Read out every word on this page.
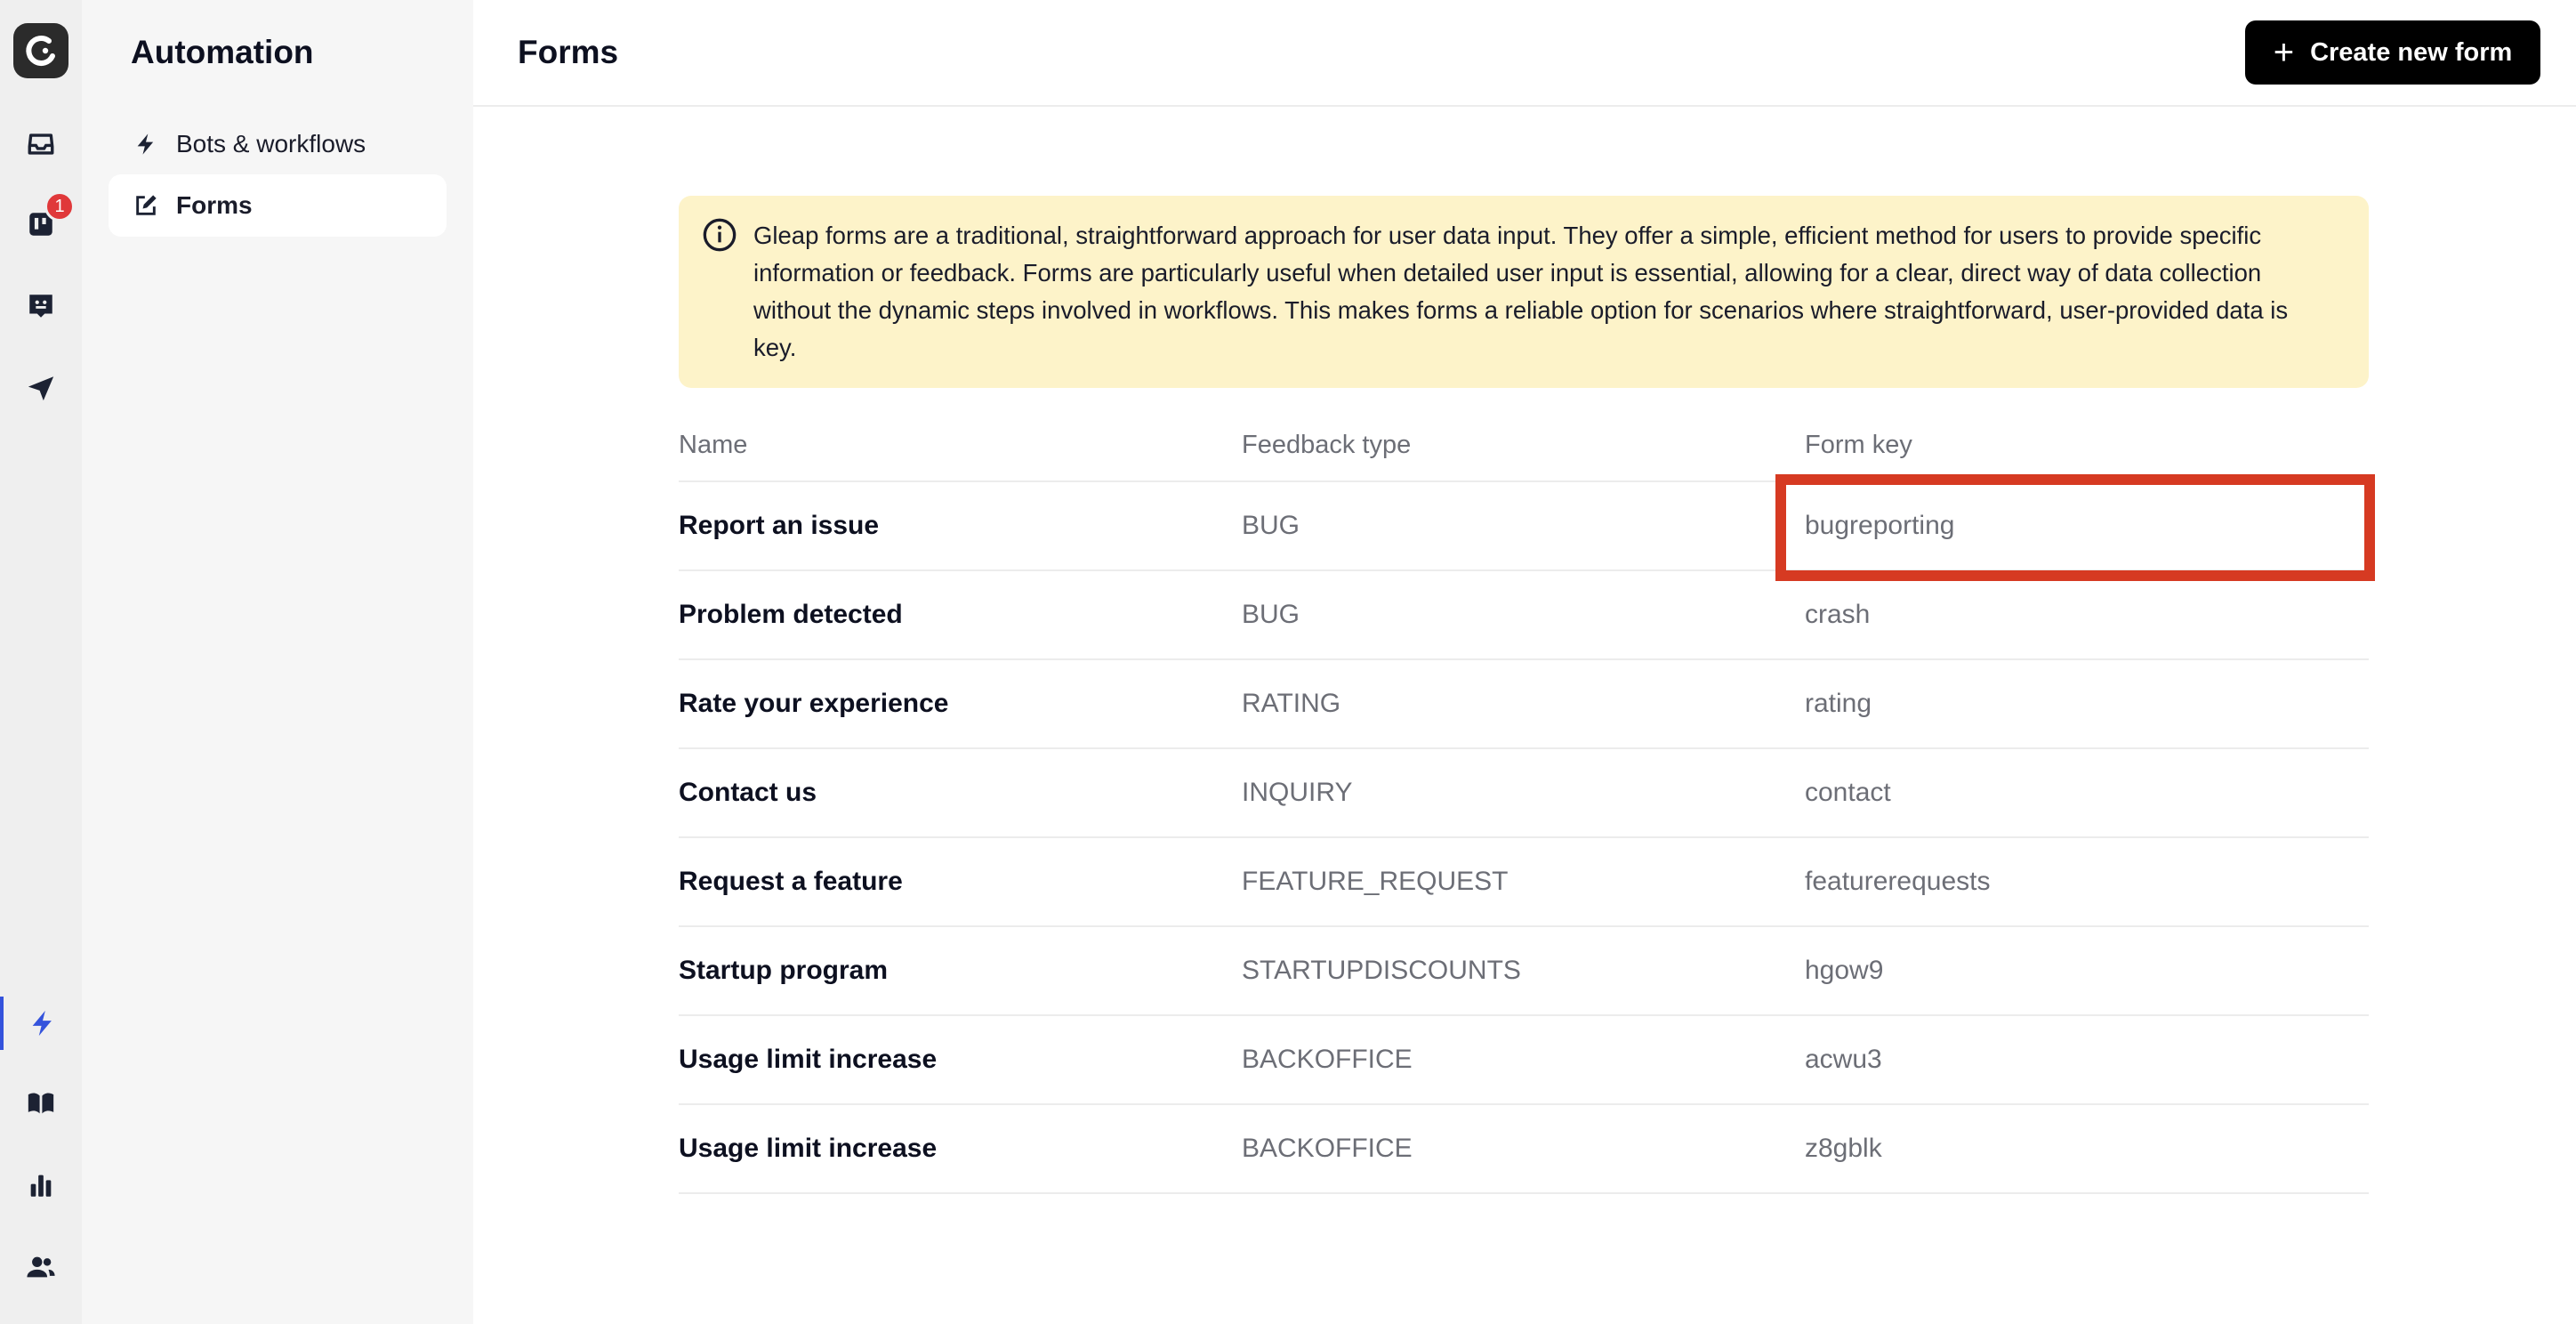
1
Automation
Bots & workflows
Forms
Forms	+ Create new form
Gleap forms are a traditional, straightforward approach for user data input. They offer a simple, efficient method for users to provide specific information or feedback. Forms are particularly useful when detailed user input is essential, allowing for a clear, direct way of data collection without the dynamic steps involved in workflows. This makes forms a reliable option for scenarios where straightforward, user-provided data is key.
Name	Feedback type	Form key
Report an issue	BUG	bugreporting
Problem detected	BUG	crash
Rate your experience	RATING	rating
Contact us	INQUIRY	contact
Request a feature	FEATURE_REQUEST	featurerequests
Startup program	STARTUPDISCOUNTS	hgow9
Usage limit increase	BACKOFFICE	acwu3
Usage limit increase	BACKOFFICE	z8gblk
